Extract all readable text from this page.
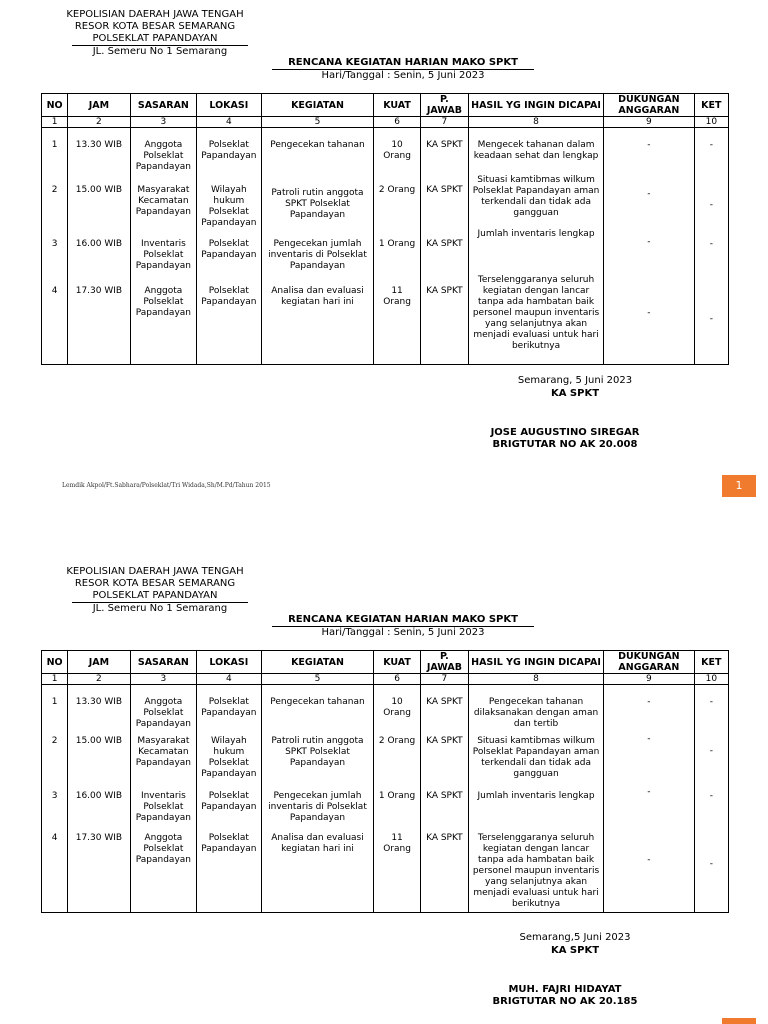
KEPOLISIAN DAERAH JAWA TENGAH
RESOR KOTA BESAR SEMARANG
POLSEKLAT PAPANDAYAN
JL. Semeru No 1 Semarang
RENCANA KEGIATAN HARIAN MAKO SPKT
Hari/Tanggal : Senin, 5 Juni 2023
NO	JAM	SASARAN	LOKASI	KEGIATAN	KUAT	P. JAWAB	HASIL YG INGIN DICAPAI	DUKUNGAN ANGGARAN	KET
1	2	3	4	5	6	7	8	9	10
1	13.30 WIB	Anggota Polseklat Papandayan	Polseklat Papandayan	Pengecekan tahanan	10 Orang	KA SPKT	Mengecek tahanan dalam keadaan sehat dan lengkap	-	-
2	15.00 WIB	Masyarakat Kecamatan Papandayan	Wilayah hukum Polseklat Papandayan	Patroli rutin anggota SPKT Polseklat Papandayan	2 Orang	KA SPKT	Situasi kamtibmas wilkum Polseklat Papandayan aman terkendali dan tidak ada gangguan	-	-
3	16.00 WIB	Inventaris Polseklat Papandayan	Polseklat Papandayan	Pengecekan jumlah inventaris di Polseklat Papandayan	1 Orang	KA SPKT	Jumlah inventaris lengkap	-	-
4	17.30 WIB	Anggota Polseklat Papandayan	Polseklat Papandayan	Analisa dan evaluasi kegiatan hari ini	11 Orang	KA SPKT	Terselenggaranya seluruh kegiatan dengan lancar tanpa ada hambatan baik personel maupun inventaris yang selanjutnya akan menjadi evaluasi untuk hari berikutnya	-	-
Semarang, 5 Juni 2023
KA SPKT
JOSE AUGUSTINO SIREGAR
BRIGTUTAR NO AK 20.008
Lemdik Akpol/Ft.Sabhara/Polseklat/Tri Widada,Sh/M.Pd/Tahun 2015	1
KEPOLISIAN DAERAH JAWA TENGAH
RESOR KOTA BESAR SEMARANG
POLSEKLAT PAPANDAYAN
JL. Semeru No 1 Semarang
RENCANA KEGIATAN HARIAN MAKO SPKT
Hari/Tanggal : Senin, 5 Juni 2023
NO	JAM	SASARAN	LOKASI	KEGIATAN	KUAT	P. JAWAB	HASIL YG INGIN DICAPAI	DUKUNGAN ANGGARAN	KET
1	2	3	4	5	6	7	8	9	10
1	13.30 WIB	Anggota Polseklat Papandayan	Polseklat Papandayan	Pengecekan tahanan	10 Orang	KA SPKT	Pengecekan tahanan dilaksanakan dengan aman dan tertib	-	-
2	15.00 WIB	Masyarakat Kecamatan Papandayan	Wilayah hukum Polseklat Papandayan	Patroli rutin anggota SPKT Polseklat Papandayan	2 Orang	KA SPKT	Situasi kamtibmas wilkum Polseklat Papandayan aman terkendali dan tidak ada gangguan	-	-
3	16.00 WIB	Inventaris Polseklat Papandayan	Polseklat Papandayan	Pengecekan jumlah inventaris di Polseklat Papandayan	1 Orang	KA SPKT	Jumlah inventaris lengkap	-	-
4	17.30 WIB	Anggota Polseklat Papandayan	Polseklat Papandayan	Analisa dan evaluasi kegiatan hari ini	11 Orang	KA SPKT	Terselenggaranya seluruh kegiatan dengan lancar tanpa ada hambatan baik personel maupun inventaris yang selanjutnya akan menjadi evaluasi untuk hari berikutnya	-	-
Semarang,5 Juni 2023
KA SPKT
MUH. FAJRI HIDAYAT
BRIGTUTAR NO AK 20.185
